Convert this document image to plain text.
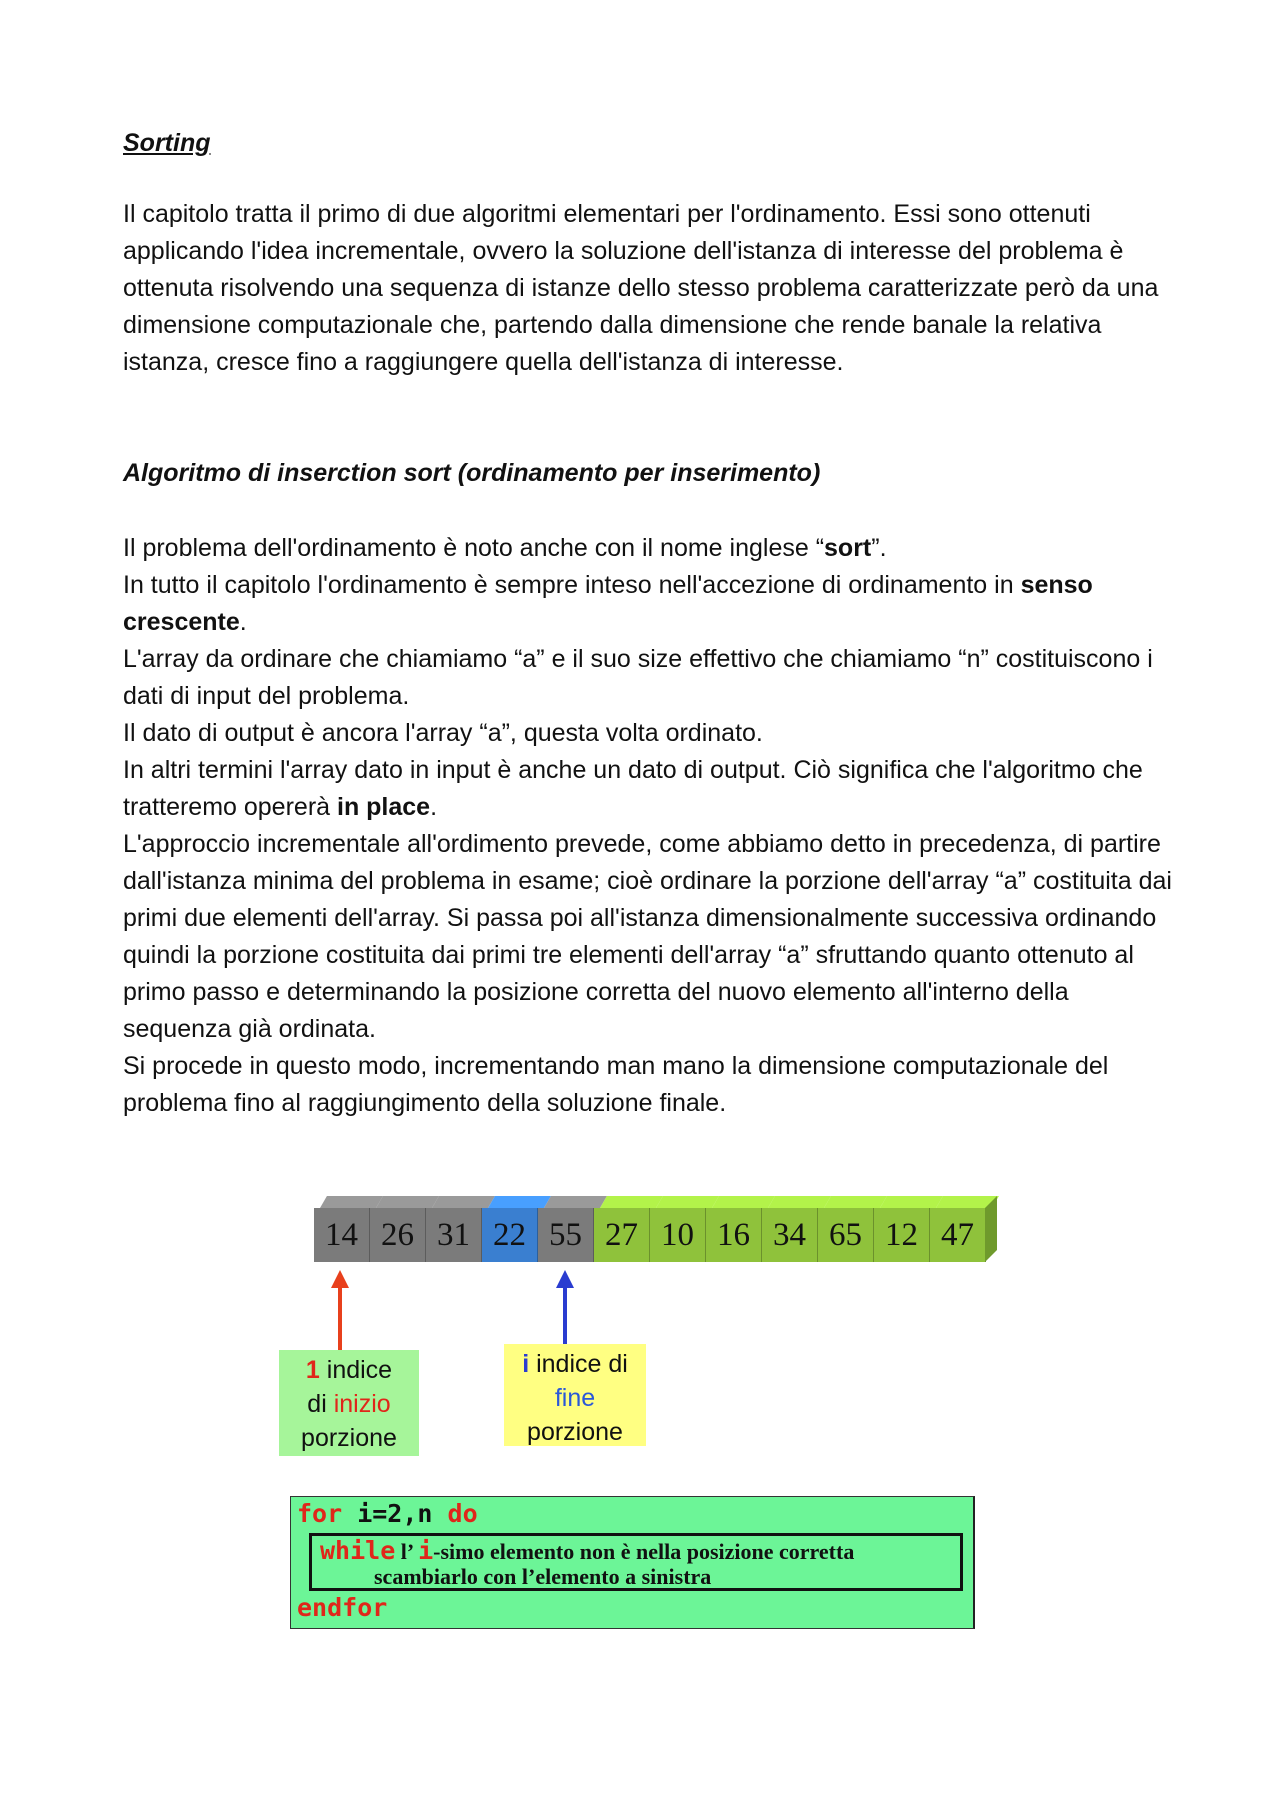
Sorting
Il capitolo tratta il primo di due algoritmi elementari per l'ordinamento. Essi sono ottenuti applicando l'idea incrementale, ovvero la soluzione dell'istanza di interesse del problema è ottenuta risolvendo una sequenza di istanze dello stesso problema caratterizzate però da una dimensione computazionale che, partendo dalla dimensione che rende banale la relativa istanza, cresce fino a raggiungere quella dell'istanza di interesse.
Algoritmo di inserction sort (ordinamento per inserimento)

Il problema dell'ordinamento è noto anche con il nome inglese “sort”.

In tutto il capitolo l'ordinamento è sempre inteso nell'accezione di ordinamento in senso crescente.

L'array da ordinare che chiamiamo “a” e il suo size effettivo che chiamiamo “n” costituiscono i dati di input del problema.

Il dato di output è ancora l'array “a”, questa volta ordinato.

In altri termini l'array dato in input è anche un dato di output. Ciò significa che l'algoritmo che tratteremo opererà in place.

L'approccio incrementale all'ordimento prevede, come abbiamo detto in precedenza, di partire dall'istanza minima del problema in esame; cioè ordinare la porzione dell'array “a” costituita dai primi due elementi dell'array. Si passa poi all'istanza dimensionalmente successiva ordinando quindi la porzione costituita dai primi tre elementi dell'array “a” sfruttando quanto ottenuto al primo passo e determinando la posizione corretta del nuovo elemento all'interno della sequenza già ordinata.

Si procede in questo modo, incrementando man mano la dimensione computazionale del problema fino al raggiungimento della soluzione finale.

14 26 31 22 55 27 10 16 34 65 12 47
1 indice
di inizio
porzione
i indice di
fine
porzione
for i=2,n do
while l’ i-simo elemento non è nella posizione corretta
scambiarlo con l’elemento a sinistra
endfor
